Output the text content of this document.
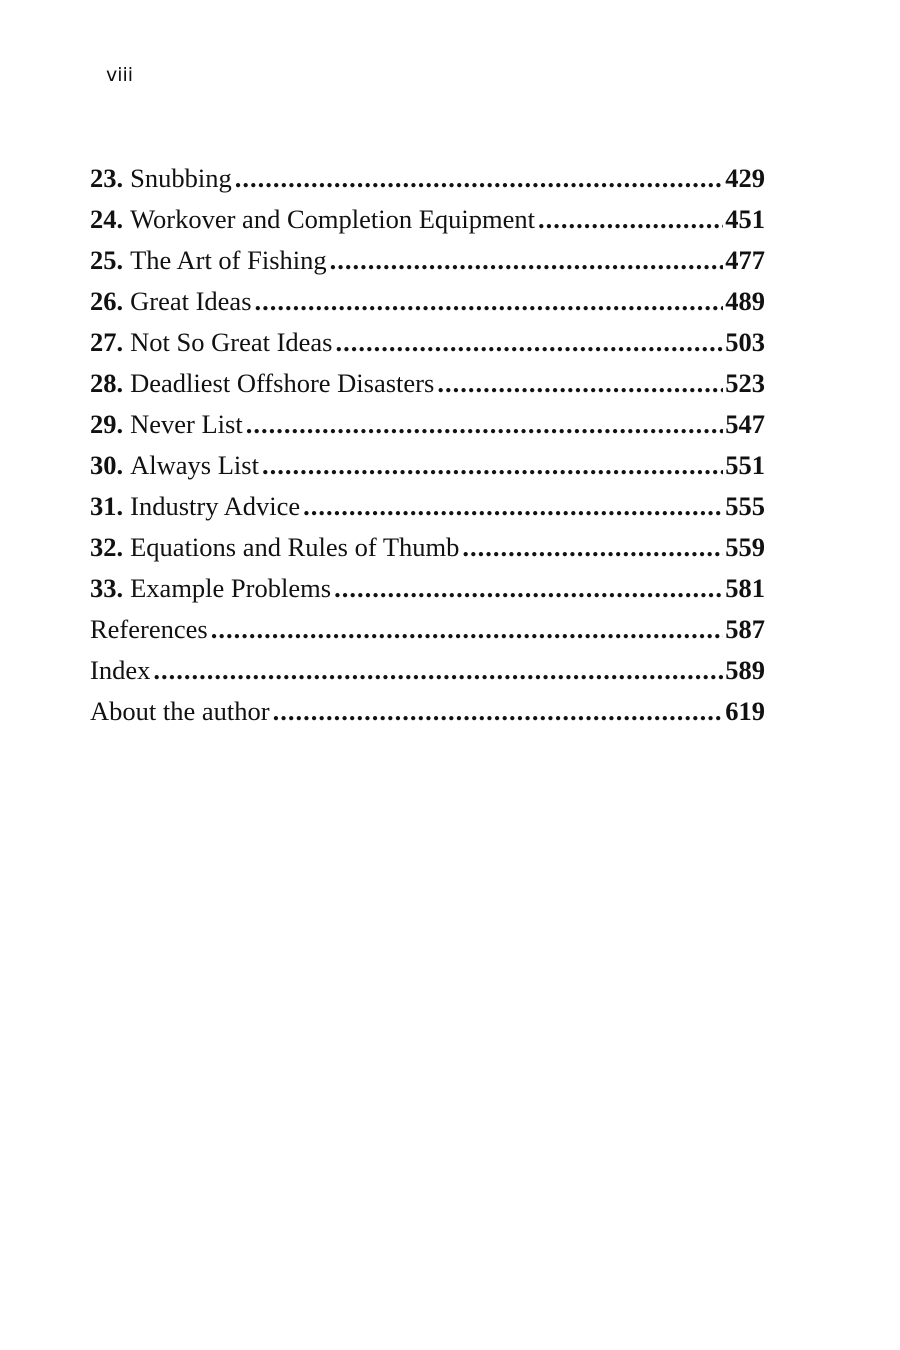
viii
23. Snubbing .....	429
24. Workover and Completion Equipment .....	451
25. The Art of Fishing .....	477
26. Great Ideas .....	489
27. Not So Great Ideas .....	503
28. Deadliest Offshore Disasters .....	523
29. Never List .....	547
30. Always List .....	551
31. Industry Advice .....	555
32. Equations and Rules of Thumb .....	559
33. Example Problems .....	581
References .....	587
Index .....	589
About the author .....	619
